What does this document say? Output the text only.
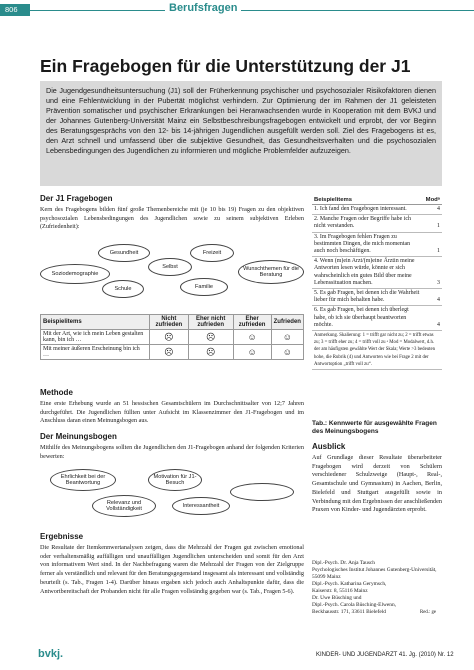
806	Berufsfragen
Ein Fragebogen für die Unterstützung der J1

Die Jugendgesundheitsuntersuchung (J1) soll der Früherkennung psychischer und psychosozialer Risikofaktoren dienen und eine Fehlentwicklung in der Pubertät möglichst verhindern. Zur Optimierung der im Rahmen der J1 geleisteten Prävention somatischer und psychischer Erkrankungen bei Heranwachsenden wurde in Kooperation mit dem BVKJ und der Johannes Gutenberg-Universität Mainz ein Selbstbeschreibungsfragebogen entwickelt und erprobt, der vor Beginn des Beratungsgesprächs von den 12- bis 14-jährigen Jugendlichen ausgefüllt werden soll. Ziel des Fragebogens ist es, den Arzt schnell und umfassend über die subjektive Gesundheit, das Gesundheitsverhalten und die psychosozialen Lebensbedingungen des Jugendlichen zu informieren und mögliche Problemfelder aufzuzeigen.

Der J1 Fragebogen

Kern des Fragebogens bilden fünf große Themenbereiche mit (je 10 bis 19) Fragen zu den objektiven psychosozialen Lebensbedingungen des Jugendlichen sowie zu seinem subjektiven Erleben (Zufriedenheit):

Gesundheit	Freizeit
Selbst
Soziodemographie
Wunschthemen für die Beratung
Schule	Familie
Beispielitems	Nicht zufrieden	Eher nicht zufrieden	Eher zufrieden	Zufrieden
Mit der Art, wie ich mein Leben gestalten kann, bin ich …	☹	☹	☺	☺
Mit meiner äußeren Erscheinung bin ich …	☹	☹	☺	☺
Methode

Eine erste Erhebung wurde an 51 hessischen Gesamtschülern im Durchschnittsalter von 12;7 Jahren durchgeführt. Die Jugendlichen füllten unter Aufsicht im Klassenzimmer den J1-Fragebogen und im Anschluss daran einen Meinungsbogen aus.

Der Meinungsbogen

Mithilfe des Meinungsbogens sollten die Jugendlichen den J1-Fragebogen anhand der folgenden Kriterien bewerten:

Ehrlichkeit bei der Beantwortung
Motivation für J1-Besuch
Relevanz und Vollständigkeit	Interessantheit
Ergebnisse

Die Resultate der Itemkennwertanalysen zeigen, dass die Mehrzahl der Fragen gut zwischen emotional oder verhaltensmäßig auffälligen und unauffälligen Jugendlichen unterscheiden und somit für den Arzt von informativem Wert sind. In der Nachbefragung waren die Mehrzahl der Fragen von der Zielgruppe ferner als verständlich und relevant für den Beratungsgegenstand insgesamt als interessant und vollständig beurteilt (s. Tab., Fragen 1-4). Darüber hinaus ergaben sich jedoch auch Anhaltspunkte dafür, dass die Antwortbereitschaft der Probanden nicht für alle Fragen vollständig gegeben war (s. Tab., Fragen 5-6).

Beispielitems	Modᵃ
1. Ich fand den Fragebogen interessant.	4
2. Manche Fragen oder Begriffe habe ich nicht verstanden.	1
3. Im Fragebogen fehlen Fragen zu bestimmten Dingen, die mich momentan auch noch beschäftigen.	1
4. Wenn (m)ein Arzt/(m)eine Ärztin meine Antworten lesen würde, könnte er sich wahrscheinlich ein gutes Bild über meine Lebenssituation machen.	3
5. Es gab Fragen, bei denen ich die Wahrheit lieber für mich behalten habe.	4
6. Es gab Fragen, bei denen ich überlegt habe, ob ich sie überhaupt beantworten möchte.	4
Anmerkung. Skalierung: 1 = trifft gar nicht zu; 2 = trifft etwas zu; 3 = trifft eher zu; 4 = trifft voll zu ᵃ Mod = Modalwert, d.h. der am häufigsten gewählte Wert der Skala; Werte >3 bedeuten hohe, die Rubrik (4) und Antworten wie bei Frage 2 mit der Antwortoption „trifft voll zu“.	
Tab.: Kennwerte für ausgewählte Fragen des Meinungsbogens
Ausblick

Auf Grundlage dieser Resultate überarbeiteter Fragebogen wird derzeit von Schülern verschiedener Schulzweige (Haupt-, Real-, Gesamtschule und Gymnasium) in Aachen, Berlin, Bielefeld und Stuttgart ausgefüllt sowie in Verbindung mit den Ergebnissen der anschließenden Praxen von Kinder- und Jugendärzten erprobt.

Dipl.-Psych. Dr. Anja Tausch
Psychologisches Institut Johannes Gutenberg-Universität, 55099 Mainz
Dipl.-Psych. Katharina Gerymsch,
Kaiserstr. 8, 55116 Mainz
Dr. Uwe Büsching und
Dipl.-Psych. Carola Büsching-Elwenn,
Beckhausstr. 171, 33611 Bielefeld	Red.: ge
bvkj.	KINDER- UND JUGENDARZT 41. Jg. (2010) Nr. 12
